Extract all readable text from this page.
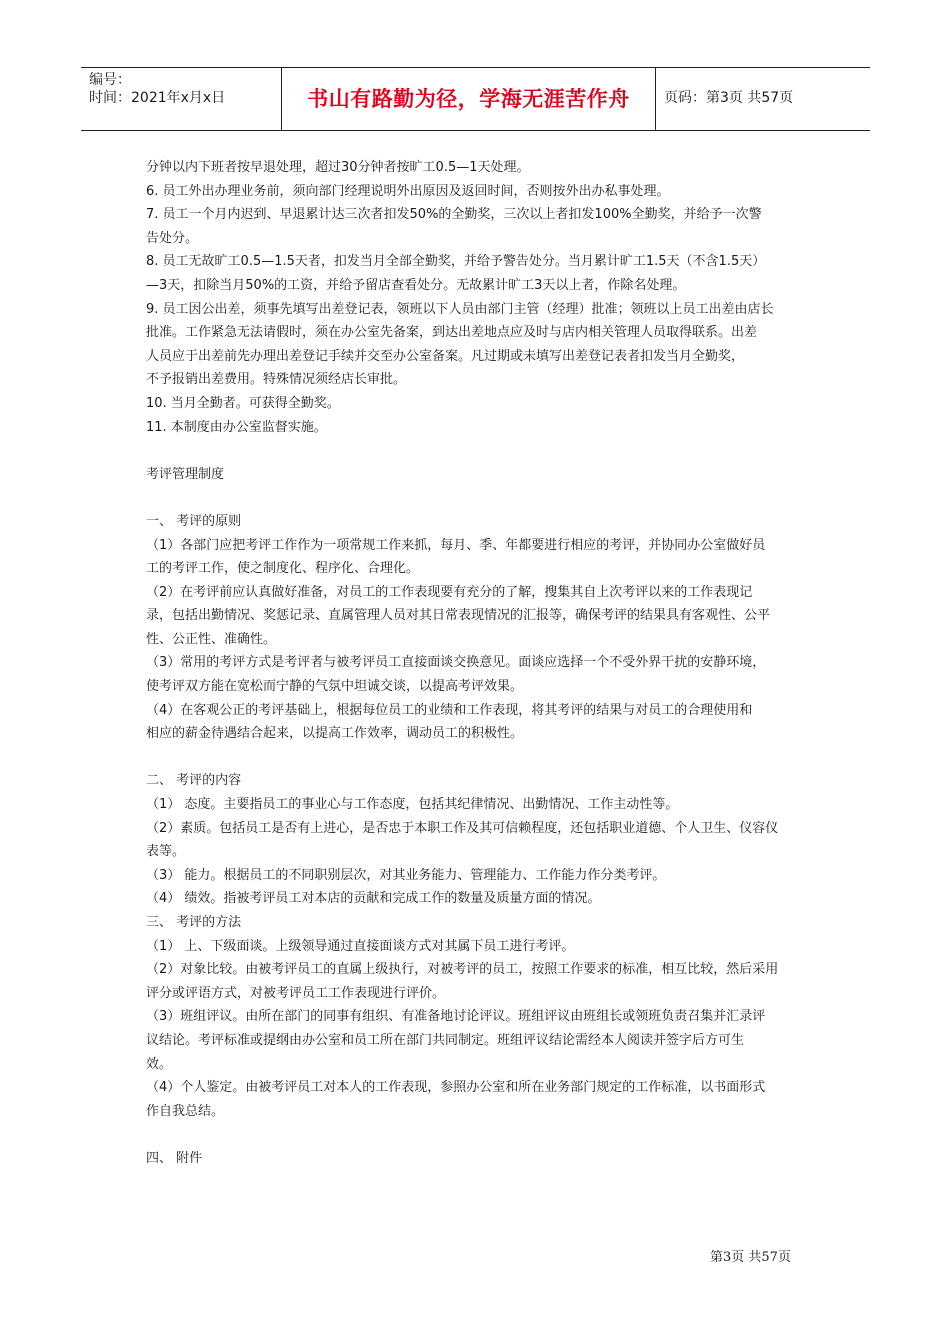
编号：
时间：2021年x月x日	书山有路勤为径，学海无涯苦作舟	页码：第3页 共57页

分钟以内下班者按早退处理，超过30分钟者按旷工0.5—1天处理。

6. 员工外出办理业务前，须向部门经理说明外出原因及返回时间，否则按外出办私事处理。

7. 员工一个月内迟到、早退累计达三次者扣发50%的全勤奖，三次以上者扣发100%全勤奖，并给予一次警

告处分。

8. 员工无故旷工0.5—1.5天者，扣发当月全部全勤奖，并给予警告处分。当月累计旷工1.5天（不含1.5天）

—3天，扣除当月50%的工资，并给予留店查看处分。无故累计旷工3天以上者，作除名处理。

9. 员工因公出差，须事先填写出差登记表，领班以下人员由部门主管（经理）批准；领班以上员工出差由店长

批准。工作紧急无法请假时，须在办公室先备案，到达出差地点应及时与店内相关管理人员取得联系。出差

人员应于出差前先办理出差登记手续并交至办公室备案。凡过期或未填写出差登记表者扣发当月全勤奖，

不予报销出差费用。特殊情况须经店长审批。

10. 当月全勤者。可获得全勤奖。

11. 本制度由办公室监督实施。

考评管理制度

一、 考评的原则

（1）各部门应把考评工作作为一项常规工作来抓，每月、季、年都要进行相应的考评，并协同办公室做好员

工的考评工作，使之制度化、程序化、合理化。

（2）在考评前应认真做好准备，对员工的工作表现要有充分的了解，搜集其自上次考评以来的工作表现记

录，包括出勤情况、奖惩记录、直属管理人员对其日常表现情况的汇报等，确保考评的结果具有客观性、公平

性、公正性、准确性。

（3）常用的考评方式是考评者与被考评员工直接面谈交换意见。面谈应选择一个不受外界干扰的安静环境，

使考评双方能在宽松而宁静的气氛中坦诚交谈，以提高考评效果。

（4）在客观公正的考评基础上，根据每位员工的业绩和工作表现，将其考评的结果与对员工的合理使用和

相应的薪金待遇结合起来，以提高工作效率，调动员工的积极性。

二、 考评的内容

（1） 态度。主要指员工的事业心与工作态度，包括其纪律情况、出勤情况、工作主动性等。

（2）素质。包括员工是否有上进心，是否忠于本职工作及其可信赖程度，还包括职业道德、个人卫生、仪容仪

表等。

（3） 能力。根据员工的不同职别层次，对其业务能力、管理能力、工作能力作分类考评。

（4） 绩效。指被考评员工对本店的贡献和完成工作的数量及质量方面的情况。

三、 考评的方法

（1） 上、下级面谈。上级领导通过直接面谈方式对其属下员工进行考评。

（2）对象比较。由被考评员工的直属上级执行，对被考评的员工，按照工作要求的标准，相互比较，然后采用

评分或评语方式，对被考评员工工作表现进行评价。

（3）班组评议。由所在部门的同事有组织、有准备地讨论评议。班组评议由班组长或领班负责召集并汇录评

议结论。考评标准或提纲由办公室和员工所在部门共同制定。班组评议结论需经本人阅读并签字后方可生

效。

（4）个人鉴定。由被考评员工对本人的工作表现，参照办公室和所在业务部门规定的工作标准，以书面形式

作自我总结。

四、 附件

第3页 共57页
